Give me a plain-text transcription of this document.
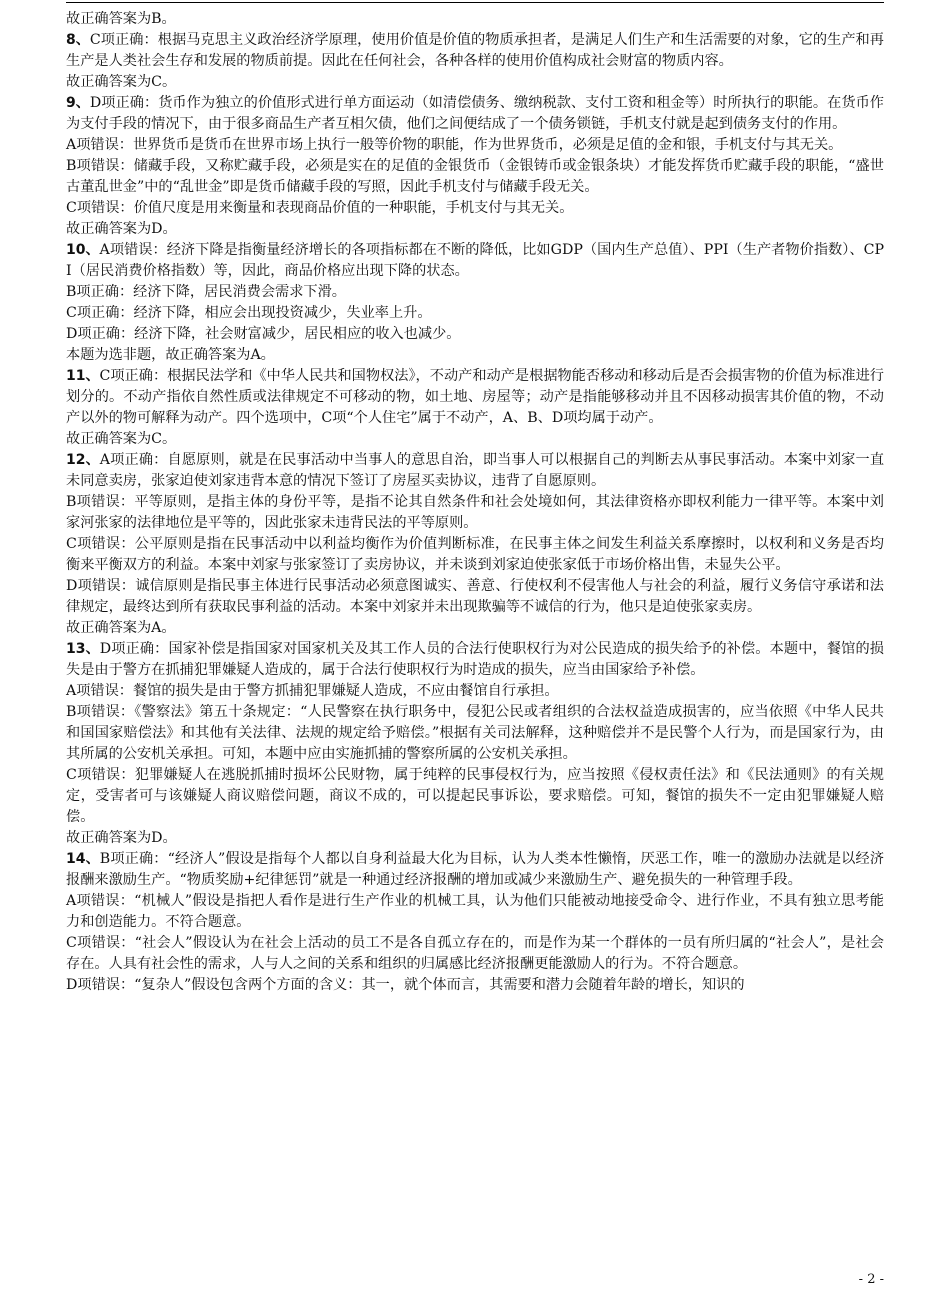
故正确答案为B。

8、C项正确：根据马克思主义政治经济学原理，使用价值是价值的物质承担者，是满足人们生产和生活需要的对象，它的生产和再生产是人类社会生存和发展的物质前提。因此在任何社会，各种各样的使用价值构成社会财富的物质内容。

故正确答案为C。

9、D项正确：货币作为独立的价值形式进行单方面运动（如清偿债务、缴纳税款、支付工资和租金等）时所执行的职能。在货币作为支付手段的情况下，由于很多商品生产者互相欠债，他们之间便结成了一个债务锁链，手机支付就是起到债务支付的作用。

A项错误：世界货币是货币在世界市场上执行一般等价物的职能，作为世界货币，必须是足值的金和银，手机支付与其无关。

B项错误：储藏手段，又称贮藏手段，必须是实在的足值的金银货币（金银铸币或金银条块）才能发挥货币贮藏手段的职能，“盛世古董乱世金”中的“乱世金”即是货币储藏手段的写照，因此手机支付与储藏手段无关。

C项错误：价值尺度是用来衡量和表现商品价值的一种职能，手机支付与其无关。

故正确答案为D。

10、A项错误：经济下降是指衡量经济增长的各项指标都在不断的降低，比如GDP（国内生产总值）、PPI（生产者物价指数）、CPI（居民消费价格指数）等，因此，商品价格应出现下降的状态。

B项正确：经济下降，居民消费会需求下滑。

C项正确：经济下降，相应会出现投资减少，失业率上升。

D项正确：经济下降，社会财富减少，居民相应的收入也减少。

本题为选非题，故正确答案为A。

11、C项正确：根据民法学和《中华人民共和国物权法》，不动产和动产是根据物能否移动和移动后是否会损害物的价值为标准进行划分的。不动产指依自然性质或法律规定不可移动的物，如土地、房屋等；动产是指能够移动并且不因移动损害其价值的物，不动产以外的物可解释为动产。四个选项中，C项“个人住宅”属于不动产，A、B、D项均属于动产。

故正确答案为C。

12、A项正确：自愿原则，就是在民事活动中当事人的意思自治，即当事人可以根据自己的判断去从事民事活动。本案中刘家一直未同意卖房，张家迫使刘家违背本意的情况下签订了房屋买卖协议，违背了自愿原则。

B项错误：平等原则，是指主体的身份平等，是指不论其自然条件和社会处境如何，其法律资格亦即权利能力一律平等。本案中刘家河张家的法律地位是平等的，因此张家未违背民法的平等原则。

C项错误：公平原则是指在民事活动中以利益均衡作为价值判断标准，在民事主体之间发生利益关系摩擦时，以权利和义务是否均衡来平衡双方的利益。本案中刘家与张家签订了卖房协议，并未谈到刘家迫使张家低于市场价格出售，未显失公平。

D项错误：诚信原则是指民事主体进行民事活动必须意图诚实、善意、行使权利不侵害他人与社会的利益，履行义务信守承诺和法律规定，最终达到所有获取民事利益的活动。本案中刘家并未出现欺骗等不诚信的行为，他只是迫使张家卖房。

故正确答案为A。

13、D项正确：国家补偿是指国家对国家机关及其工作人员的合法行使职权行为对公民造成的损失给予的补偿。本题中，餐馆的损失是由于警方在抓捕犯罪嫌疑人造成的，属于合法行使职权行为时造成的损失，应当由国家给予补偿。

A项错误：餐馆的损失是由于警方抓捕犯罪嫌疑人造成，不应由餐馆自行承担。

B项错误：《警察法》第五十条规定：“人民警察在执行职务中，侵犯公民或者组织的合法权益造成损害的，应当依照《中华人民共和国国家赔偿法》和其他有关法律、法规的规定给予赔偿。”根据有关司法解释，这种赔偿并不是民警个人行为，而是国家行为，由其所属的公安机关承担。可知，本题中应由实施抓捕的警察所属的公安机关承担。

C项错误：犯罪嫌疑人在逃脱抓捕时损坏公民财物，属于纯粹的民事侵权行为，应当按照《侵权责任法》和《民法通则》的有关规定，受害者可与该嫌疑人商议赔偿问题，商议不成的，可以提起民事诉讼，要求赔偿。可知，餐馆的损失不一定由犯罪嫌疑人赔偿。

故正确答案为D。

14、B项正确：“经济人”假设是指每个人都以自身利益最大化为目标，认为人类本性懒惰，厌恶工作，唯一的激励办法就是以经济报酬来激励生产。“物质奖励+纪律惩罚”就是一种通过经济报酬的增加或减少来激励生产、避免损失的一种管理手段。

A项错误：“机械人”假设是指把人看作是进行生产作业的机械工具，认为他们只能被动地接受命令、进行作业，不具有独立思考能力和创造能力。不符合题意。

C项错误：“社会人”假设认为在社会上活动的员工不是各自孤立存在的，而是作为某一个群体的一员有所归属的“社会人”，是社会存在。人具有社会性的需求，人与人之间的关系和组织的归属感比经济报酬更能激励人的行为。不符合题意。

D项错误：“复杂人”假设包含两个方面的含义：其一，就个体而言，其需要和潜力会随着年龄的增长，知识的

- 2 -
